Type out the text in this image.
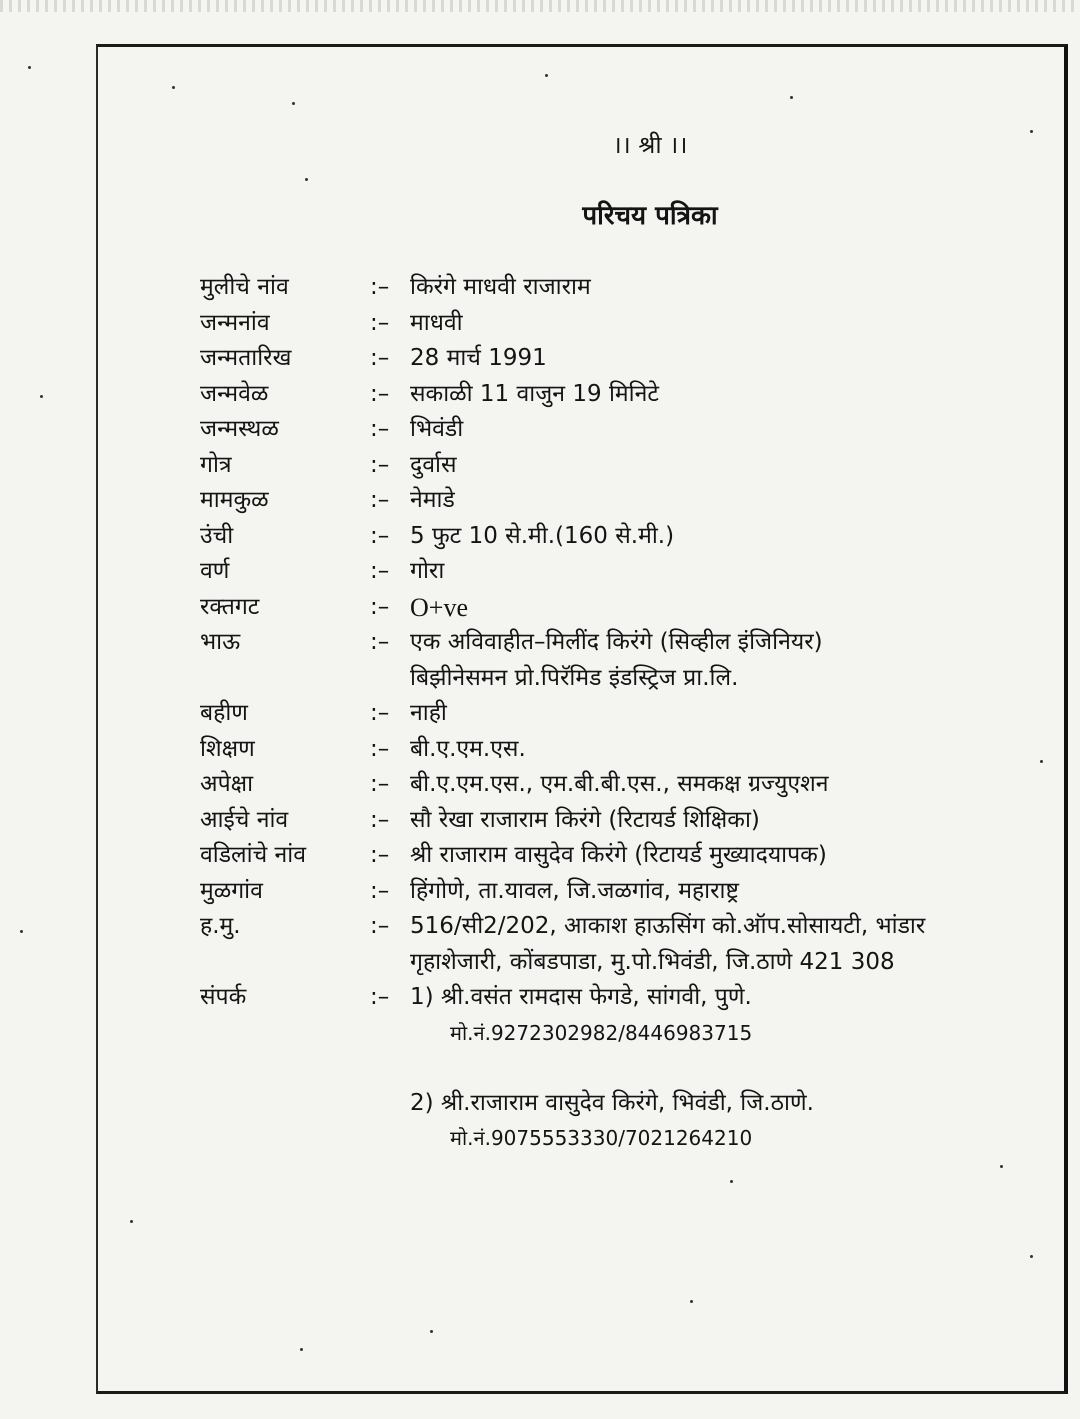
।। श्री ।।
परिचय पत्रिका
मुलीचे नांव	:– किरंगे माधवी राजाराम
जन्मनांव	:– माधवी
जन्मतारिख	:– 28 मार्च 1991
जन्मवेळ	:– सकाळी 11 वाजुन 19 मिनिटे
जन्मस्थळ	:– भिवंडी
गोत्र	:– दुर्वास
मामकुळ	:– नेमाडे
उंची	:– 5 फुट 10 से.मी.(160 से.मी.)
वर्ण	:– गोरा
रक्तगट	:– O+ve
भाऊ	:– एक अविवाहीत–मिलींद किरंगे (सिव्हील इंजिनियर)
बिझीनेसमन प्रो.पिरॅमिड इंडस्ट्रिज प्रा.लि.
बहीण	:– नाही
शिक्षण	:– बी.ए.एम.एस.
अपेक्षा	:– बी.ए.एम.एस., एम.बी.बी.एस., समकक्ष ग्रज्युएशन
आईचे नांव	:– सौ रेखा राजाराम किरंगे (रिटायर्ड शिक्षिका)
वडिलांचे नांव	:– श्री राजाराम वासुदेव किरंगे (रिटायर्ड मुख्यादयापक)
मुळगांव	:– हिंगोणे, ता.यावल, जि.जळगांव, महाराष्ट्र
ह.मु.	:– 516/सी2/202, आकाश हाऊसिंग को.ऑप.सोसायटी, भांडार
गृहाशेजारी, कोंबडपाडा, मु.पो.भिवंडी, जि.ठाणे 421 308
संपर्क	:– 1) श्री.वसंत रामदास फेगडे, सांगवी, पुणे.
मो.नं.9272302982/8446983715
2) श्री.राजाराम वासुदेव किरंगे, भिवंडी, जि.ठाणे.
मो.नं.9075553330/7021264210
